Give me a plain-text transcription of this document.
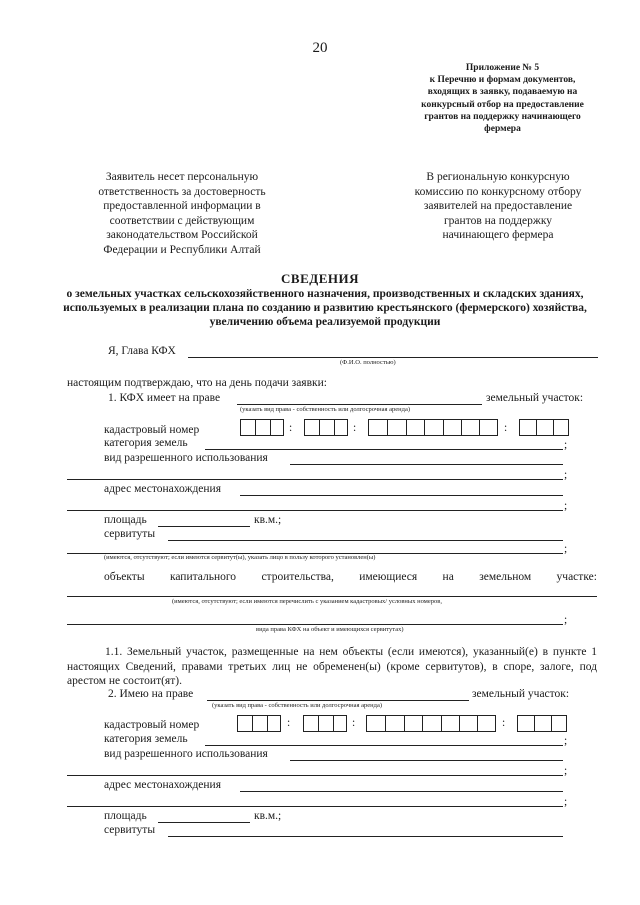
20
Приложение № 5
к Перечню и формам документов,
входящих в заявку, подаваемую на
конкурсный отбор на предоставление
грантов на поддержку начинающего
фермера
Заявитель несет персональную
ответственность за достоверность
предоставленной информации в
соответствии с действующим
законодательством Российской
Федерации и Республики Алтай
В региональную конкурсную
комиссию по конкурсному отбору
заявителей на предоставление
грантов на поддержку
начинающего фермера
СВЕДЕНИЯ
о земельных участках сельскохозяйственного назначения, производственных и складских зданиях, используемых в реализации плана по созданию и развитию крестьянского (фермерского) хозяйства, увеличению объема реализуемой продукции
Я, Глава КФХ
(Ф.И.О. полностью)
настоящим подтверждаю, что на день подачи заявки:
1. КФХ имеет на праве	земельный участок:
(указать вид права - собственность или долгосрочная аренда)
кадастровый номер	:	:	:
категория земель	;
вид разрешенного использования
;
адрес местонахождения
;
площадь	кв.м.;
сервитуты
;
(имеются, отсутствуют; если имеются сервитут(ы), указать лицо в пользу которого установлен(ы)
объекты капитального строительства, имеющиеся на земельном участке:
(имеются, отсутствуют; если имеются перечислить с указанием кадастровых/ условных номеров,
;
вида права КФХ на объект и имеющихся сервитутах)
1.1. Земельный участок, размещенные на нем объекты (если имеются), указанный(е) в пункте 1 настоящих Сведений, правами третьих лиц не обременен(ы) (кроме сервитутов), в споре, залоге, под арестом не состоит(ят).
2. Имею на праве	земельный участок:
(указать вид права - собственность или долгосрочная аренда)
кадастровый номер	:	:	:
категория земель	;
вид разрешенного использования
;
адрес местонахождения
;
площадь	кв.м.;
сервитуты
